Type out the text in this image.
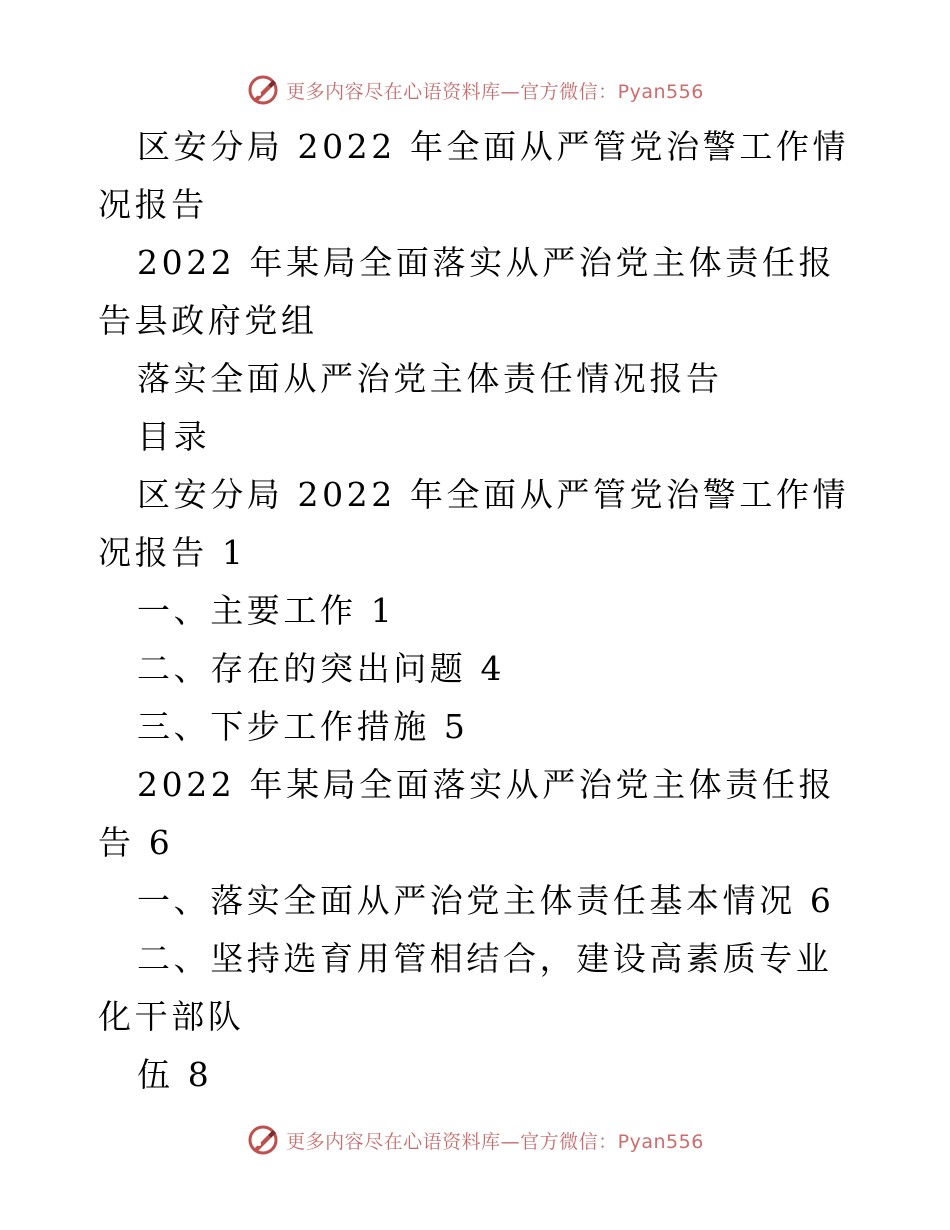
更多内容尽在心语资料库—官方微信：Pyan556

区安分局 2022 年全面从严管党治警工作情况报告

2022 年某局全面落实从严治党主体责任报告县政府党组

落实全面从严治党主体责任情况报告

目录

区安分局 2022 年全面从严管党治警工作情况报告 1

一、主要工作 1

二、存在的突出问题 4

三、下步工作措施 5

2022 年某局全面落实从严治党主体责任报告 6

一、落实全面从严治党主体责任基本情况 6

二、坚持选育用管相结合，建设高素质专业化干部队

伍 8

更多内容尽在心语资料库—官方微信：Pyan556
